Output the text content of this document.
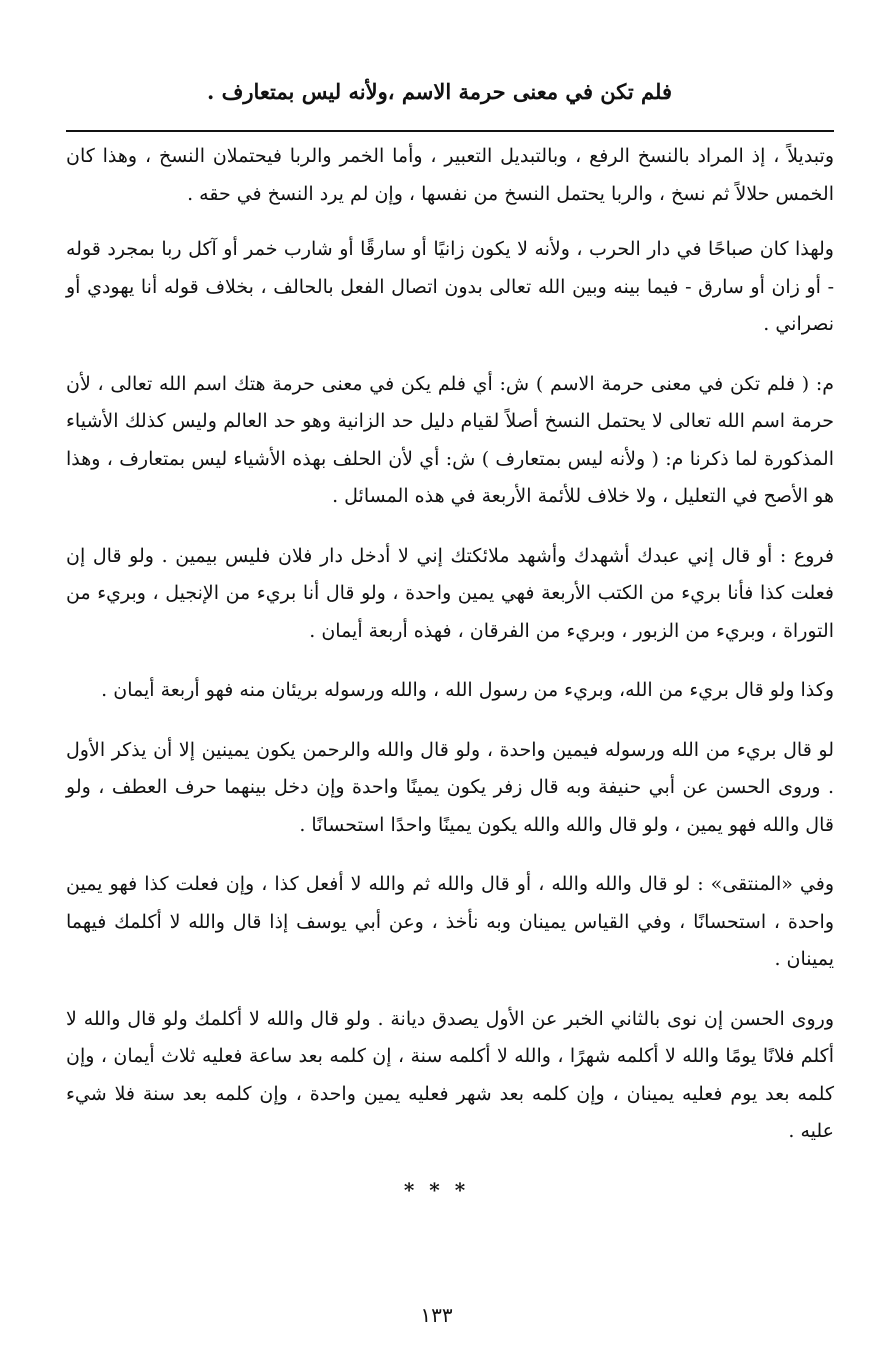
فلم تكن في معنى حرمة الاسم ،ولأنه ليس بمتعارف .

وتبديلاً ، إذ المراد بالنسخ الرفع ، وبالتبديل التعبير ، وأما الخمر والربا فيحتملان النسخ ، وهذا كان الخمس حلالاً ثم نسخ ، والربا يحتمل النسخ من نفسها ، وإن لم يرد النسخ في حقه .

ولهذا كان صباحًا في دار الحرب ، ولأنه لا يكون زانيًا أو سارقًا أو شارب خمر أو آكل ربا بمجرد قوله - أو زان أو سارق - فيما بينه وبين الله تعالى بدون اتصال الفعل بالحالف ، بخلاف قوله أنا يهودي أو نصراني .

م: ( فلم تكن في معنى حرمة الاسم ) ش: أي فلم يكن في معنى حرمة هتك اسم الله تعالى ، لأن حرمة اسم الله تعالى لا يحتمل النسخ أصلاً لقيام دليل حد الزانية وهو حد العالم وليس كذلك الأشياء المذكورة لما ذكرنا م: ( ولأنه ليس بمتعارف ) ش: أي لأن الحلف بهذه الأشياء ليس بمتعارف ، وهذا هو الأصح في التعليل ، ولا خلاف للأئمة الأربعة في هذه المسائل .

فروع : أو قال إني عبدك أشهدك وأشهد ملائكتك إني لا أدخل دار فلان فليس بيمين . ولو قال إن فعلت كذا فأنا بريء من الكتب الأربعة فهي يمين واحدة ، ولو قال أنا بريء من الإنجيل ، وبريء من التوراة ، وبريء من الزبور ، وبريء من الفرقان ، فهذه أربعة أيمان .

وكذا ولو قال بريء من الله، وبريء من رسول الله ، والله ورسوله بريئان منه فهو أربعة أيمان .

لو قال بريء من الله ورسوله فيمين واحدة ، ولو قال والله والرحمن يكون يمينين إلا أن يذكر الأول . وروى الحسن عن أبي حنيفة وبه قال زفر يكون يمينًا واحدة وإن دخل بينهما حرف العطف ، ولو قال والله فهو يمين ، ولو قال والله والله يكون يمينًا واحدًا استحسانًا .

وفي «المنتقى» : لو قال والله والله ، أو قال والله ثم والله لا أفعل كذا ، وإن فعلت كذا فهو يمين واحدة ، استحسانًا ، وفي القياس يمينان وبه نأخذ ، وعن أبي يوسف إذا قال والله لا أكلمك فيهما يمينان .

وروى الحسن إن نوى بالثاني الخبر عن الأول يصدق ديانة . ولو قال والله لا أكلمك ولو قال والله لا أكلم فلانًا يومًا والله لا أكلمه شهرًا ، والله لا أكلمه سنة ، إن كلمه بعد ساعة فعليه ثلاث أيمان ، وإن كلمه بعد يوم فعليه يمينان ، وإن كلمه بعد شهر فعليه يمين واحدة ، وإن كلمه بعد سنة فلا شيء عليه .

* * *
١٣٣
